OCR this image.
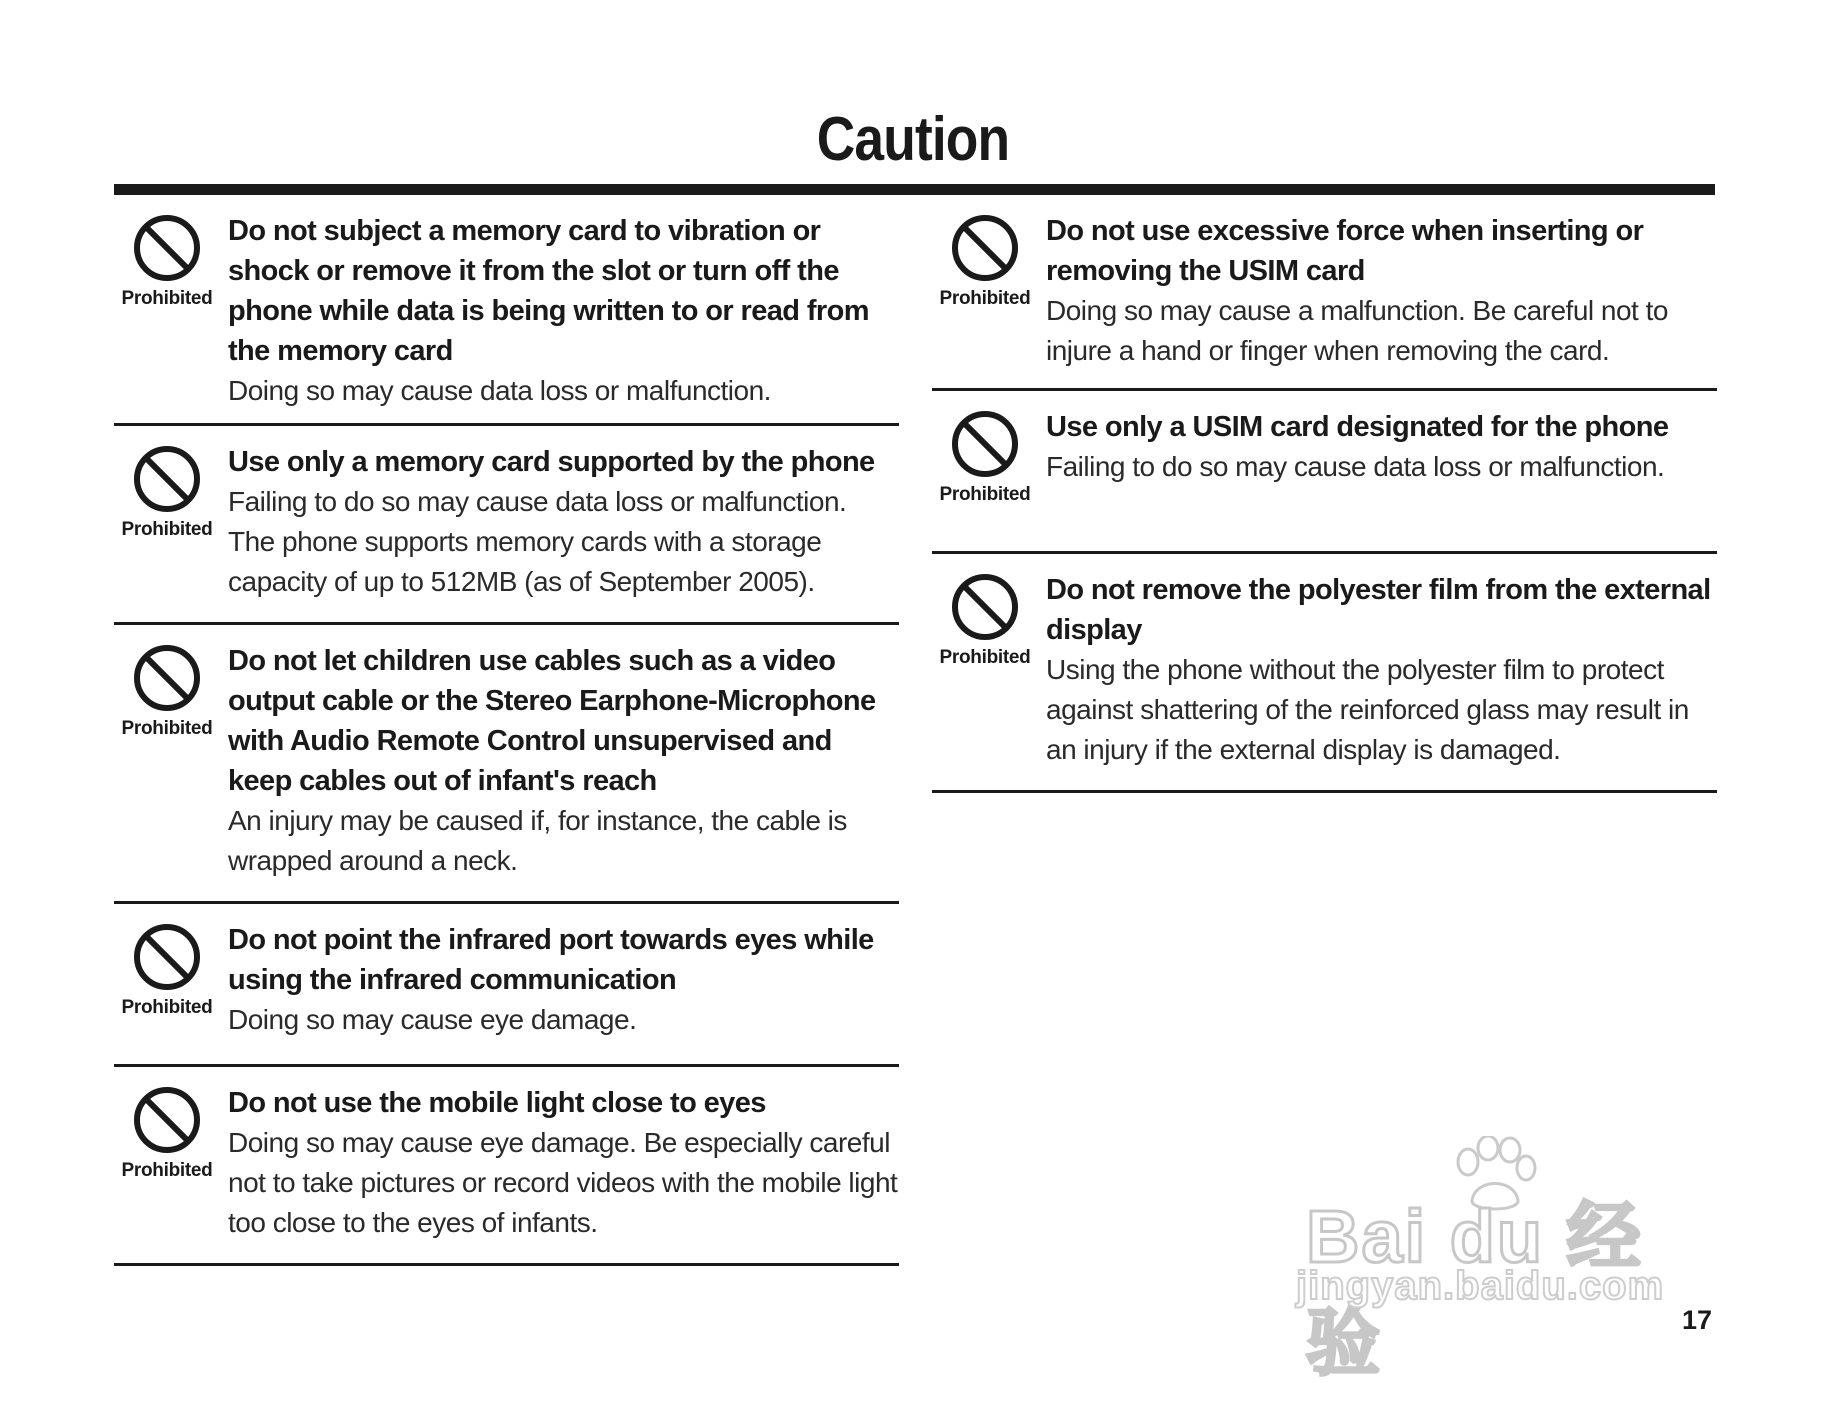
Caution
Prohibited

Do not subject a memory card to vibration or shock or remove it from the slot or turn off the phone while data is being written to or read from the memory card

Doing so may cause data loss or malfunction.

Prohibited

Use only a memory card supported by the phone

Failing to do so may cause data loss or malfunction.

The phone supports memory cards with a storage capacity of up to 512MB (as of September 2005).

Prohibited

Do not let children use cables such as a video output cable or the Stereo Earphone-Microphone with Audio Remote Control unsupervised and keep cables out of infant's reach

An injury may be caused if, for instance, the cable is wrapped around a neck.

Prohibited

Do not point the infrared port towards eyes while using the infrared communication

Doing so may cause eye damage.

Prohibited

Do not use the mobile light close to eyes

Doing so may cause eye damage. Be especially careful not to take pictures or record videos with the mobile light too close to the eyes of infants.

Prohibited

Do not use excessive force when inserting or removing the USIM card

Doing so may cause a malfunction. Be careful not to injure a hand or finger when removing the card.

Prohibited

Use only a USIM card designated for the phone

Failing to do so may cause data loss or malfunction.

Prohibited

Do not remove the polyester film from the external display

Using the phone without the polyester film to protect against shattering of the reinforced glass may result in an injury if the external display is damaged.

Bai du 经验
jingyan.baidu.com
17
